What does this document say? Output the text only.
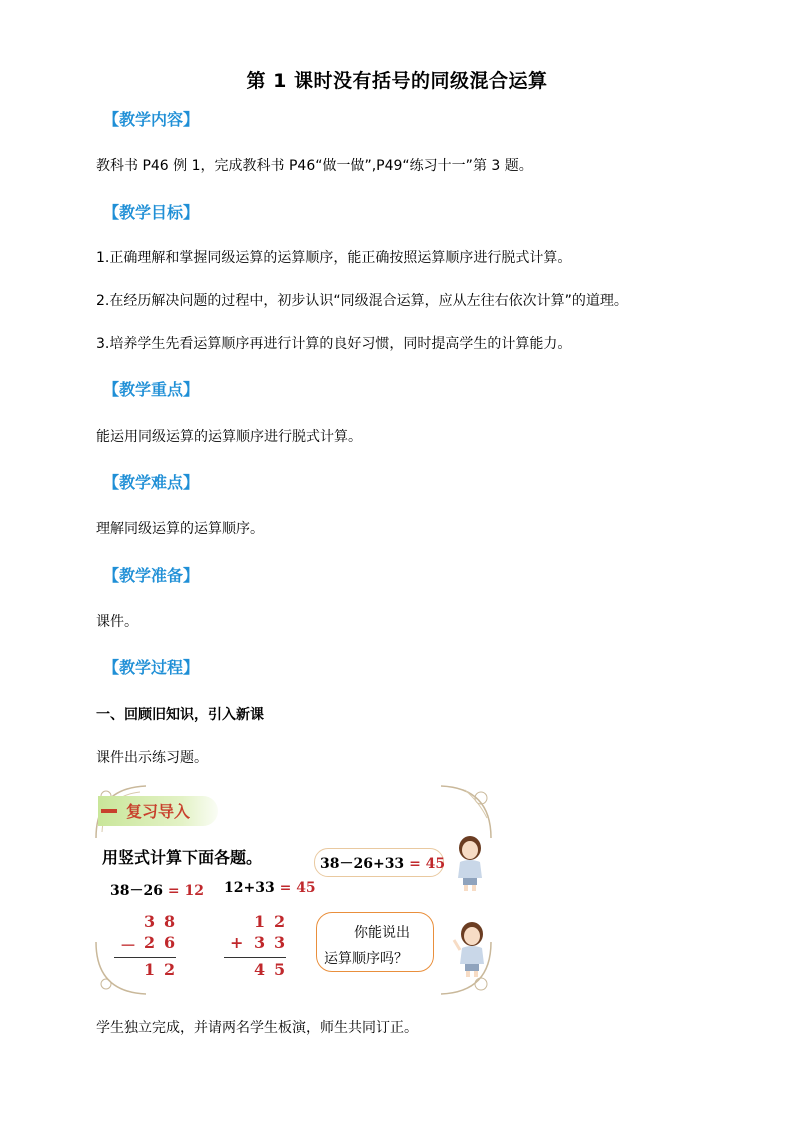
第 1 课时没有括号的同级混合运算
【教学内容】
教科书 P46 例 1，完成教科书 P46“做一做”,P49“练习十一”第 3 题。
【教学目标】
1.正确理解和掌握同级运算的运算顺序，能正确按照运算顺序进行脱式计算。
2.在经历解决问题的过程中，初步认识“同级混合运算，应从左往右依次计算”的道理。
3.培养学生先看运算顺序再进行计算的良好习惯，同时提高学生的计算能力。
【教学重点】
能运用同级运算的运算顺序进行脱式计算。
【教学难点】
理解同级运算的运算顺序。
【教学准备】
课件。
【教学过程】
一、回顾旧知识，引入新课
课件出示练习题。
复习导入
用竖式计算下面各题。
38－26 = 12 12+33 = 45
3 8
－ 2 6
1 2
1 2
+ 3 3
4 5
38－26+33 = 45
你能说出
运算顺序吗？
学生独立完成，并请两名学生板演，师生共同订正。
